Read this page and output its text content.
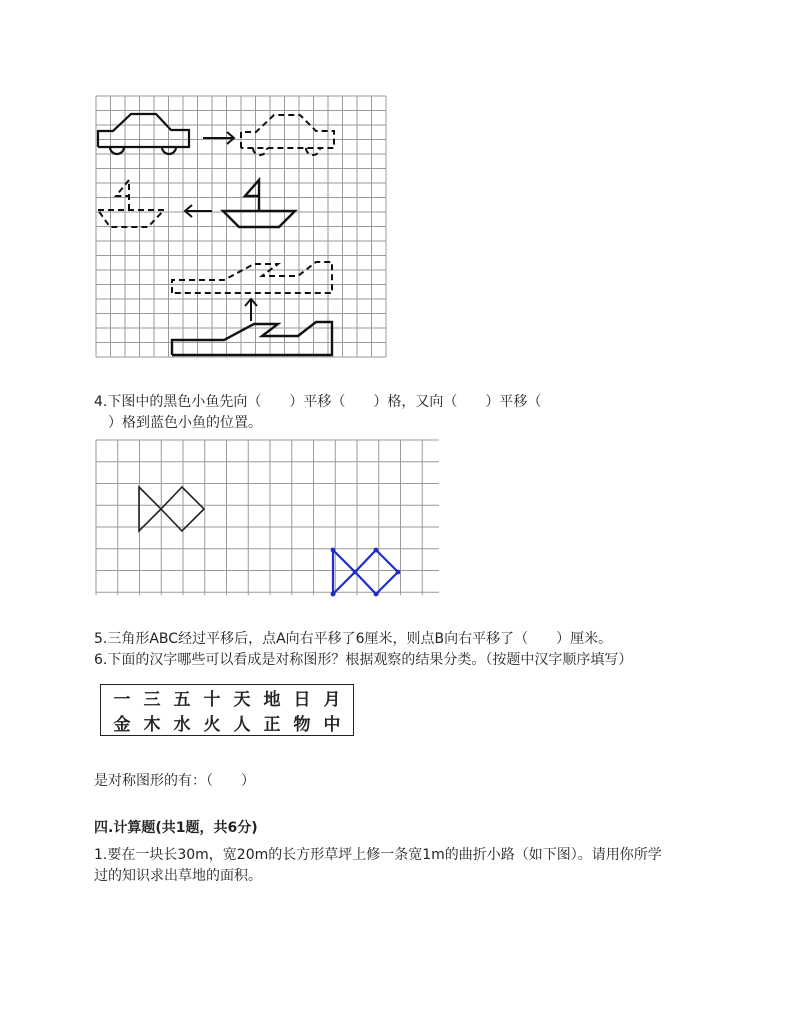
4.下图中的黑色小鱼先向（　　）平移（　　）格，又向（　　）平移（
　）格到蓝色小鱼的位置。
5.三角形ABC经过平移后，点A向右平移了6厘米，则点B向右平移了（　　）厘米。
6.下面的汉字哪些可以看成是对称图形？根据观察的结果分类。（按题中汉字顺序填写）
一	三	五	十	天	地	日	月
金	木	水	火	人	正	物	中
是对称图形的有：（　　）
四.计算题(共1题，共6分)
1.要在一块长30m，宽20m的长方形草坪上修一条宽1m的曲折小路（如下图）。请用你所学
过的知识求出草地的面积。
